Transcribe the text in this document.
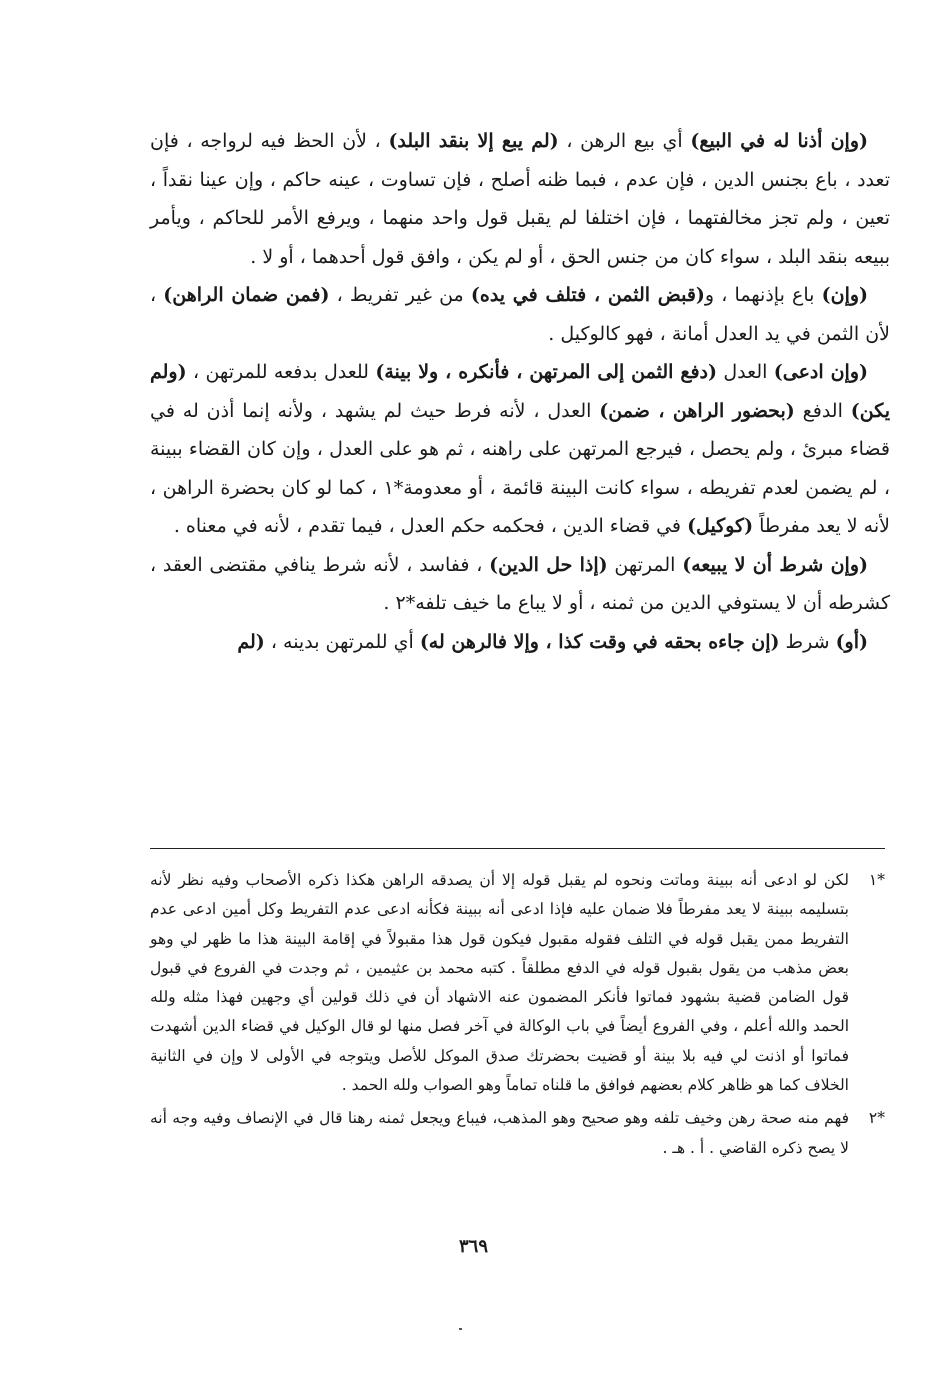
(وإن أذنا له في البيع) أي بيع الرهن ، (لم يبع إلا بنقد البلد) ، لأن الحظ فيه لرواجه ، فإن تعدد ، باع بجنس الدين ، فإن عدم ، فبما ظنه أصلح ، فإن تساوت ، عينه حاكم ، وإن عينا نقداً ، تعين ، ولم تجز مخالفتهما ، فإن اختلفا لم يقبل قول واحد منهما ، ويرفع الأمر للحاكم ، ويأمر ببيعه بنقد البلد ، سواء كان من جنس الحق ، أو لم يكن ، وافق قول أحدهما ، أو لا .

(وإن) باع بإذنهما ، و(قبض الثمن ، فتلف في يده) من غير تفريط ، (فمن ضمان الراهن) ، لأن الثمن في يد العدل أمانة ، فهو كالوكيل .

(وإن ادعى) العدل (دفع الثمن إلى المرتهن ، فأنكره ، ولا بينة) للعدل بدفعه للمرتهن ، (ولم يكن) الدفع (بحضور الراهن ، ضمن) العدل ، لأنه فرط حيث لم يشهد ، ولأنه إنما أذن له في قضاء مبرئ ، ولم يحصل ، فيرجع المرتهن على راهنه ، ثم هو على العدل ، وإن كان القضاء ببينة ، لم يضمن لعدم تفريطه ، سواء كانت البينة قائمة ، أو معدومة*١ ، كما لو كان بحضرة الراهن ، لأنه لا يعد مفرطاً (كوكيل) في قضاء الدين ، فحكمه حكم العدل ، فيما تقدم ، لأنه في معناه .

(وإن شرط أن لا يبيعه) المرتهن (إذا حل الدين) ، ففاسد ، لأنه شرط ينافي مقتضى العقد ، كشرطه أن لا يستوفي الدين من ثمنه ، أو لا يباع ما خيف تلفه*٢ .

(أو) شرط (إن جاءه بحقه في وقت كذا ، وإلا فالرهن له) أي للمرتهن بدينه ، (لم

*١
لكن لو ادعى أنه ببينة وماتت ونحوه لم يقبل قوله إلا أن يصدقه الراهن هكذا ذكره الأصحاب وفيه نظر لأنه بتسليمه ببينة لا يعد مفرطاً فلا ضمان عليه فإذا ادعى أنه ببينة فكأنه ادعى عدم التفريط وكل أمين ادعى عدم التفريط ممن يقبل قوله في التلف فقوله مقبول فيكون قول هذا مقبولاً في إقامة البينة هذا ما ظهر لي وهو بعض مذهب من يقول بقبول قوله في الدفع مطلقاً . كتبه محمد بن عثيمين ، ثم وجدت في الفروع في قبول قول الضامن قضية بشهود فماتوا فأنكر المضمون عنه الاشهاد أن في ذلك قولين أي وجهين فهذا مثله ولله الحمد والله أعلم ، وفي الفروع أيضاً في باب الوكالة في آخر فصل منها لو قال الوكيل في قضاء الدين أشهدت فماتوا أو اذنت لي فيه بلا بينة أو قضيت بحضرتك صدق الموكل للأصل ويتوجه في الأولى لا وإن في الثانية الخلاف كما هو ظاهر كلام بعضهم فوافق ما قلناه تماماً وهو الصواب ولله الحمد .
*٢
فهم منه صحة رهن وخيف تلفه وهو صحيح وهو المذهب، فيباع ويجعل ثمنه رهنا قال في الإنصاف وفيه وجه أنه لا يصح ذكره القاضي . أ . هـ .
٣٦٩
